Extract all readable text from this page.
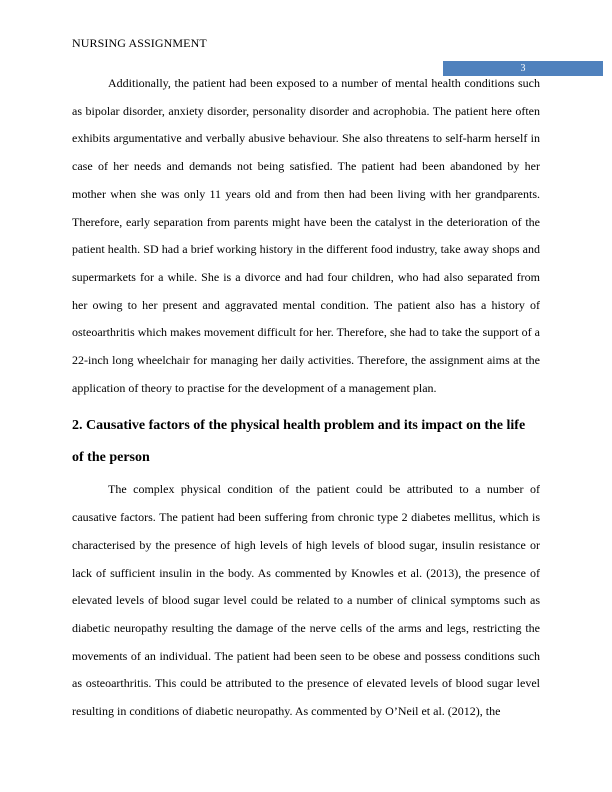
NURSING ASSIGNMENT
3

Additionally, the patient had been exposed to a number of mental health conditions such as bipolar disorder, anxiety disorder, personality disorder and acrophobia. The patient here often exhibits argumentative and verbally abusive behaviour. She also threatens to self-harm herself in case of her needs and demands not being satisfied. The patient had been abandoned by her mother when she was only 11 years old and from then had been living with her grandparents. Therefore, early separation from parents might have been the catalyst in the deterioration of the patient health. SD had a brief working history in the different food industry, take away shops and supermarkets for a while. She is a divorce and had four children, who had also separated from her owing to her present and aggravated mental condition. The patient also has a history of osteoarthritis which makes movement difficult for her. Therefore, she had to take the support of a 22-inch long wheelchair for managing her daily activities. Therefore, the assignment aims at the application of theory to practise for the development of a management plan.

2. Causative factors of the physical health problem and its impact on the life of the person

The complex physical condition of the patient could be attributed to a number of causative factors. The patient had been suffering from chronic type 2 diabetes mellitus, which is characterised by the presence of high levels of high levels of blood sugar, insulin resistance or lack of sufficient insulin in the body. As commented by Knowles et al. (2013), the presence of elevated levels of blood sugar level could be related to a number of clinical symptoms such as diabetic neuropathy resulting the damage of the nerve cells of the arms and legs, restricting the movements of an individual. The patient had been seen to be obese and possess conditions such as osteoarthritis. This could be attributed to the presence of elevated levels of blood sugar level resulting in conditions of diabetic neuropathy. As commented by O’Neil et al. (2012), the
